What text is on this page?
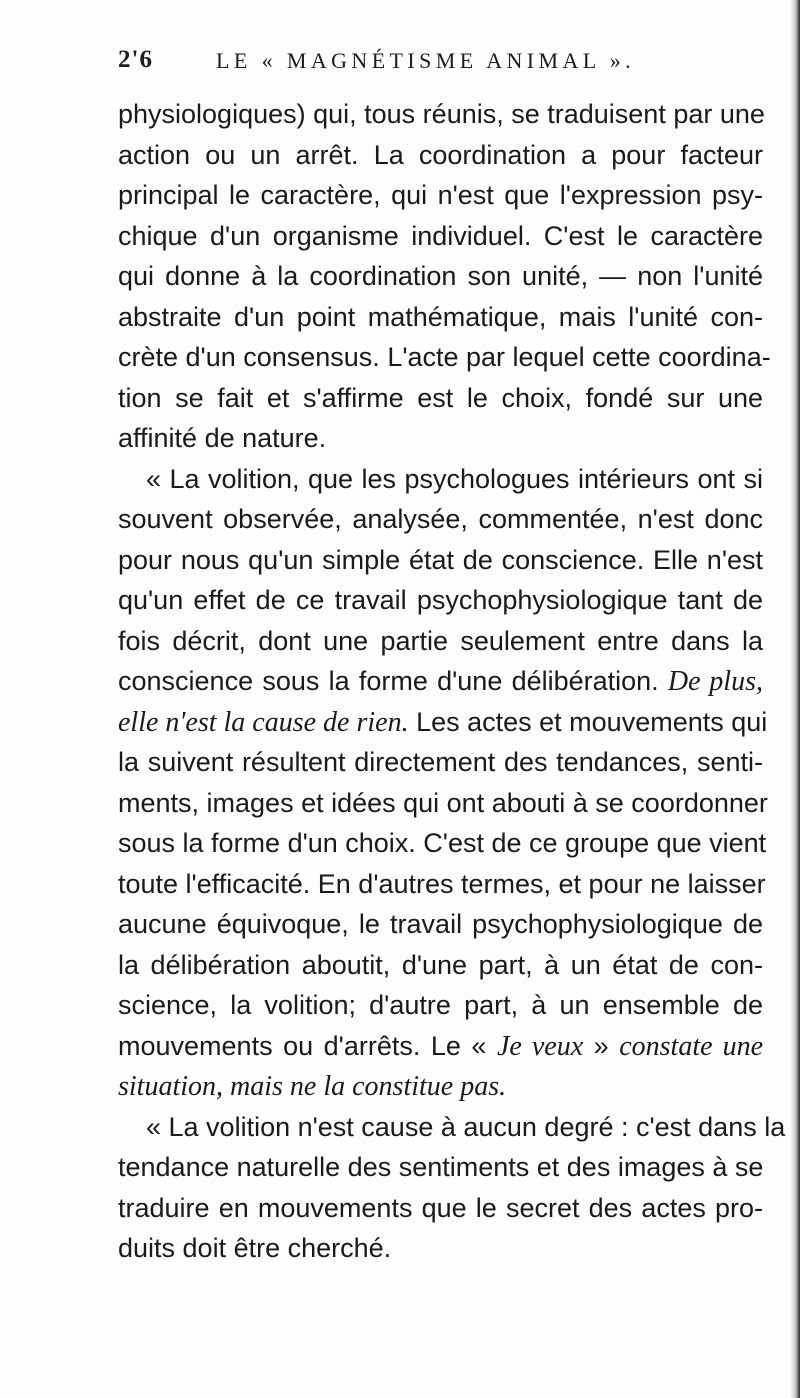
2'6	LE « MAGNÉTISME ANIMAL ».
physiologiques) qui, tous réunis, se traduisent par une
action ou un arrêt. La coordination a pour facteur
principal le caractère, qui n'est que l'expression psy-
chique d'un organisme individuel. C'est le caractère
qui donne à la coordination son unité, — non l'unité
abstraite d'un point mathématique, mais l'unité con-
crète d'un consensus. L'acte par lequel cette coordina-
tion se fait et s'affirme est le choix, fondé sur une
affinité de nature.
« La volition, que les psychologues intérieurs ont si
souvent observée, analysée, commentée, n'est donc
pour nous qu'un simple état de conscience. Elle n'est
qu'un effet de ce travail psychophysiologique tant de
fois décrit, dont une partie seulement entre dans la
conscience sous la forme d'une délibération. De plus,
elle n'est la cause de rien. Les actes et mouvements qui
la suivent résultent directement des tendances, senti-
ments, images et idées qui ont abouti à se coordonner
sous la forme d'un choix. C'est de ce groupe que vient
toute l'efficacité. En d'autres termes, et pour ne laisser
aucune équivoque, le travail psychophysiologique de
la délibération aboutit, d'une part, à un état de con-
science, la volition; d'autre part, à un ensemble de
mouvements ou d'arrêts. Le « Je veux » constate une
situation, mais ne la constitue pas.
« La volition n'est cause à aucun degré : c'est dans la
tendance naturelle des sentiments et des images à se
traduire en mouvements que le secret des actes pro-
duits doit être cherché.
